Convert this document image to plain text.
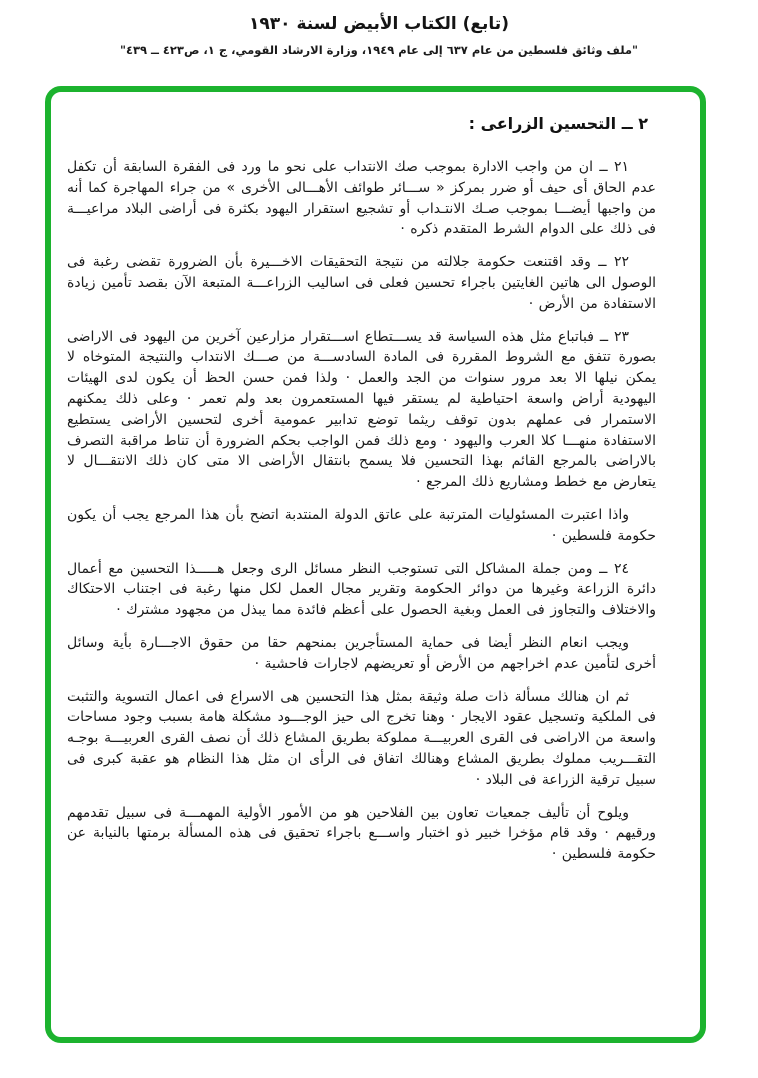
(تابع) الكتاب الأبيض لسنة ١٩٣٠
"ملف وثائق فلسطين من عام ٦٣٧ إلى عام ١٩٤٩، وزارة الارشاد القومي، ج ١، ص٤٢٣ ــ ٤٣٩"
٢ ــ التحسين الزراعى :

٢١ ــ ان من واجب الادارة بموجب صك الانتداب على نحو ما ورد فى الفقرة السابقة أن تكفل عدم الحاق أى حيف أو ضرر بمركز « ســـائر طوائف الأهـــالى الأخرى » من جراء المهاجرة كما أنه من واجبها أيضـــا بموجب صـك الانتـداب أو تشجيع استقرار اليهود بكثرة فى أراضى البلاد مراعيـــة فى ذلك على الدوام الشرط المتقدم ذكره ·

٢٢ ــ وقد اقتنعت حكومة جلالته من نتيجة التحقيقات الاخـــيرة بأن الضرورة تقضى رغبة فى الوصول الى هاتين الغايتين باجراء تحسين فعلى فى اساليب الزراعـــة المتبعة الآن بقصد تأمين زيادة الاستفادة من الأرض ·

٢٣ ــ فباتباع مثل هذه السياسة قد يســـتطاع اســـتقرار مزارعين آخرين من اليهود فى الاراضى بصورة تتفق مع الشروط المقررة فى المادة السادســـة من صـــك الانتداب والنتيجة المتوخاه لا يمكن نيلها الا بعد مرور سنوات من الجد والعمل · ولذا فمن حسن الحظ أن يكون لدى الهيئات اليهودية أراض واسعة احتياطية لم يستقر فيها المستعمرون بعد ولم تعمر · وعلى ذلك يمكنهم الاستمرار فى عملهم بدون توقف ريثما توضع تدابير عمومية أخرى لتحسين الأراضى يستطيع الاستفادة منهـــا كلا العرب واليهود · ومع ذلك فمن الواجب بحكم الضرورة أن تناط مراقبة التصرف بالاراضى بالمرجع القائم بهذا التحسين فلا يسمح بانتقال الأراضى الا متى كان ذلك الانتقـــال لا يتعارض مع خطط ومشاريع ذلك المرجع ·

واذا اعتبرت المسئوليات المترتبة على عاتق الدولة المنتدبة اتضح بأن هذا المرجع يجب أن يكون حكومة فلسطين ·

٢٤ ــ ومن جملة المشاكل التى تستوجب النظر مسائل الرى وجعل هـــــذا التحسين مع أعمال دائرة الزراعة وغيرها من دوائر الحكومة وتقرير مجال العمل لكل منها رغبة فى اجتناب الاحتكاك والاختلاف والتجاوز فى العمل وبغية الحصول على أعظم فائدة مما يبذل من مجهود مشترك ·

ويجب انعام النظر أيضا فى حماية المستأجرين بمنحهم حقا من حقوق الاجـــارة بأية وسائل أخرى لتأمين عدم اخراجهم من الأرض أو تعريضهم لاجارات فاحشية ·

ثم ان هنالك مسألة ذات صلة وثيقة بمثل هذا التحسين هى الاسراع فى اعمال التسوية والتثبت فى الملكية وتسجيل عقود الايجار · وهنا تخرج الى حيز الوجـــود مشكلة هامة بسبب وجود مساحات واسعة من الاراضى فى القرى العربيـــة مملوكة بطريق المشاع ذلك أن نصف القرى العربيـــة بوجـه التقـــريب مملوك بطريق المشاع وهنالك اتفاق فى الرأى ان مثل هذا النظام هو عقبة كبرى فى سبيل ترقية الزراعة فى البلاد ·

ويلوح أن تأليف جمعيات تعاون بين الفلاحين هو من الأمور الأولية المهمـــة فى سبيل تقدمهم ورقيهم · وقد قام مؤخرا خبير ذو اختبار واســـع باجراء تحقيق فى هذه المسألة برمتها بالنيابة عن حكومة فلسطين ·
